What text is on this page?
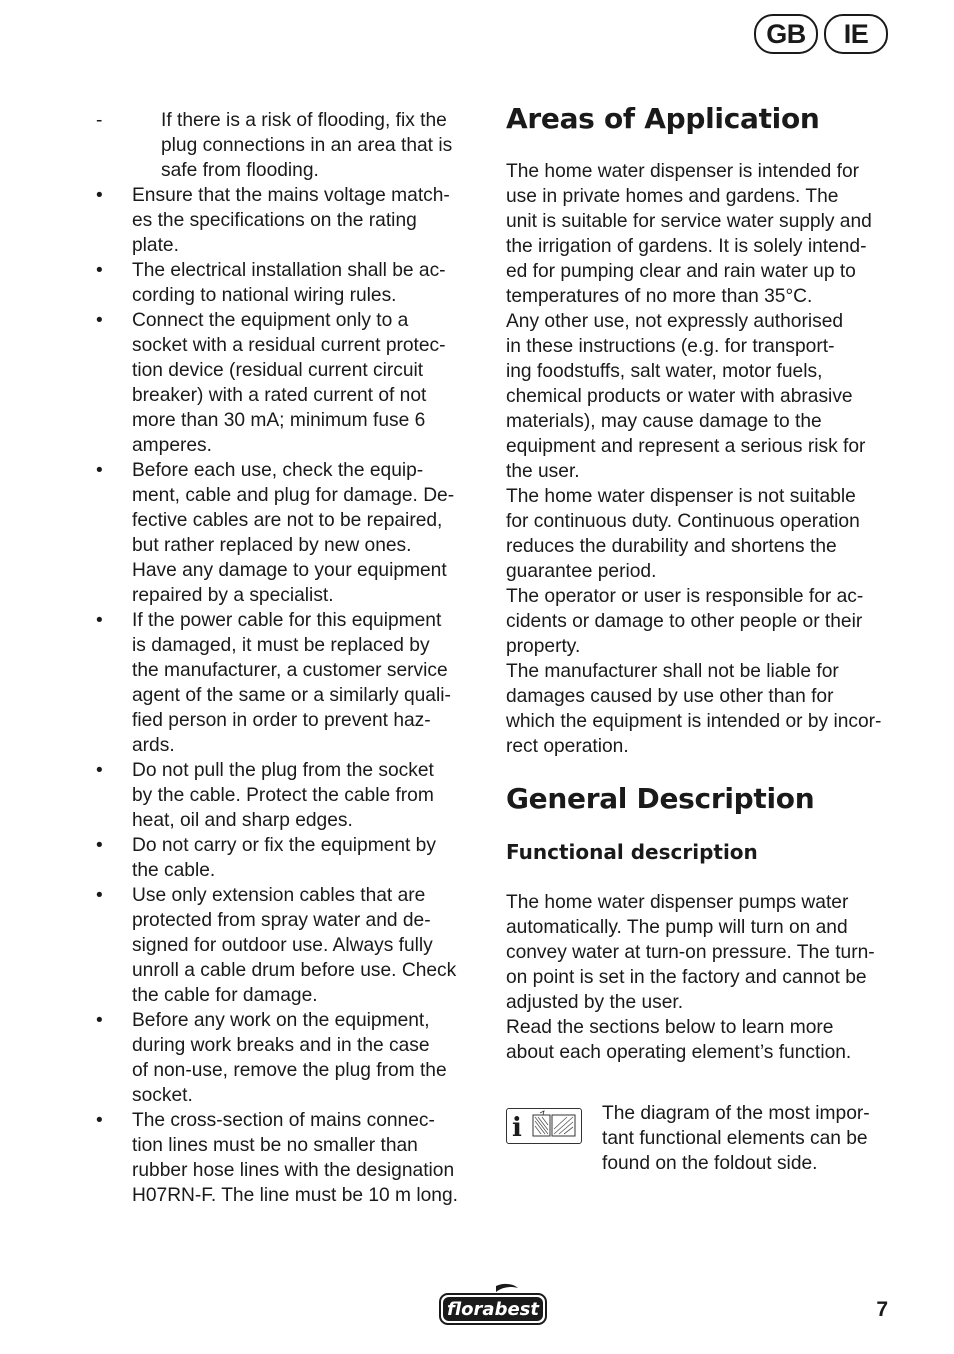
GB	IE
-	If there is a risk of flooding, fix the
plug connections in an area that is
safe from flooding.
•	Ensure that the mains voltage match-
es the specifications on the rating
plate.
•	The electrical installation shall be ac-
cording to national wiring rules.
•	Connect the equipment only to a
socket with a residual current protec-
tion device (residual current circuit
breaker) with a rated current of not
more than 30 mA; minimum fuse 6
amperes.
•	Before each use, check the equip-
ment, cable and plug for damage. De-
fective cables are not to be repaired,
but rather replaced by new ones.
Have any damage to your equipment
repaired by a specialist.
•	If the power cable for this equipment
is damaged, it must be replaced by
the manufacturer, a customer service
agent of the same or a similarly quali-
fied person in order to prevent haz-
ards.
•	Do not pull the plug from the socket
by the cable. Protect the cable from
heat, oil and sharp edges.
•	Do not carry or fix the equipment by
the cable.
•	Use only extension cables that are
protected from spray water and de-
signed for outdoor use. Always fully
unroll a cable drum before use. Check
the cable for damage.
•	Before any work on the equipment,
during work breaks and in the case
of non-use, remove the plug from the
socket.
•	The cross-section of mains connec-
tion lines must be no smaller than
rubber hose lines with the designation
H07RN-F. The line must be 10 m long.
Areas of Application
The home water dispenser is intended for
use in private homes and gardens. The
unit is suitable for service water supply and
the irrigation of gardens. It is solely intend-
ed for pumping clear and rain water up to
temperatures of no more than 35°C.
Any other use, not expressly authorised
in these instructions (e.g. for transport-
ing foodstuffs, salt water, motor fuels,
chemical products or water with abrasive
materials), may cause damage to the
equipment and represent a serious risk for
the user.
The home water dispenser is not suitable
for continuous duty. Continuous operation
reduces the durability and shortens the
guarantee period.
The operator or user is responsible for ac-
cidents or damage to other people or their
property.
The manufacturer shall not be liable for
damages caused by use other than for
which the equipment is intended or by incor-
rect operation.
General Description
Functional description
The home water dispenser pumps water
automatically. The pump will turn on and
convey water at turn-on pressure. The turn-
on point is set in the factory and cannot be
adjusted by the user.
Read the sections below to learn more
about each operating element’s function.
i	The diagram of the most impor-
tant functional elements can be
found on the foldout side.
florabest	7
